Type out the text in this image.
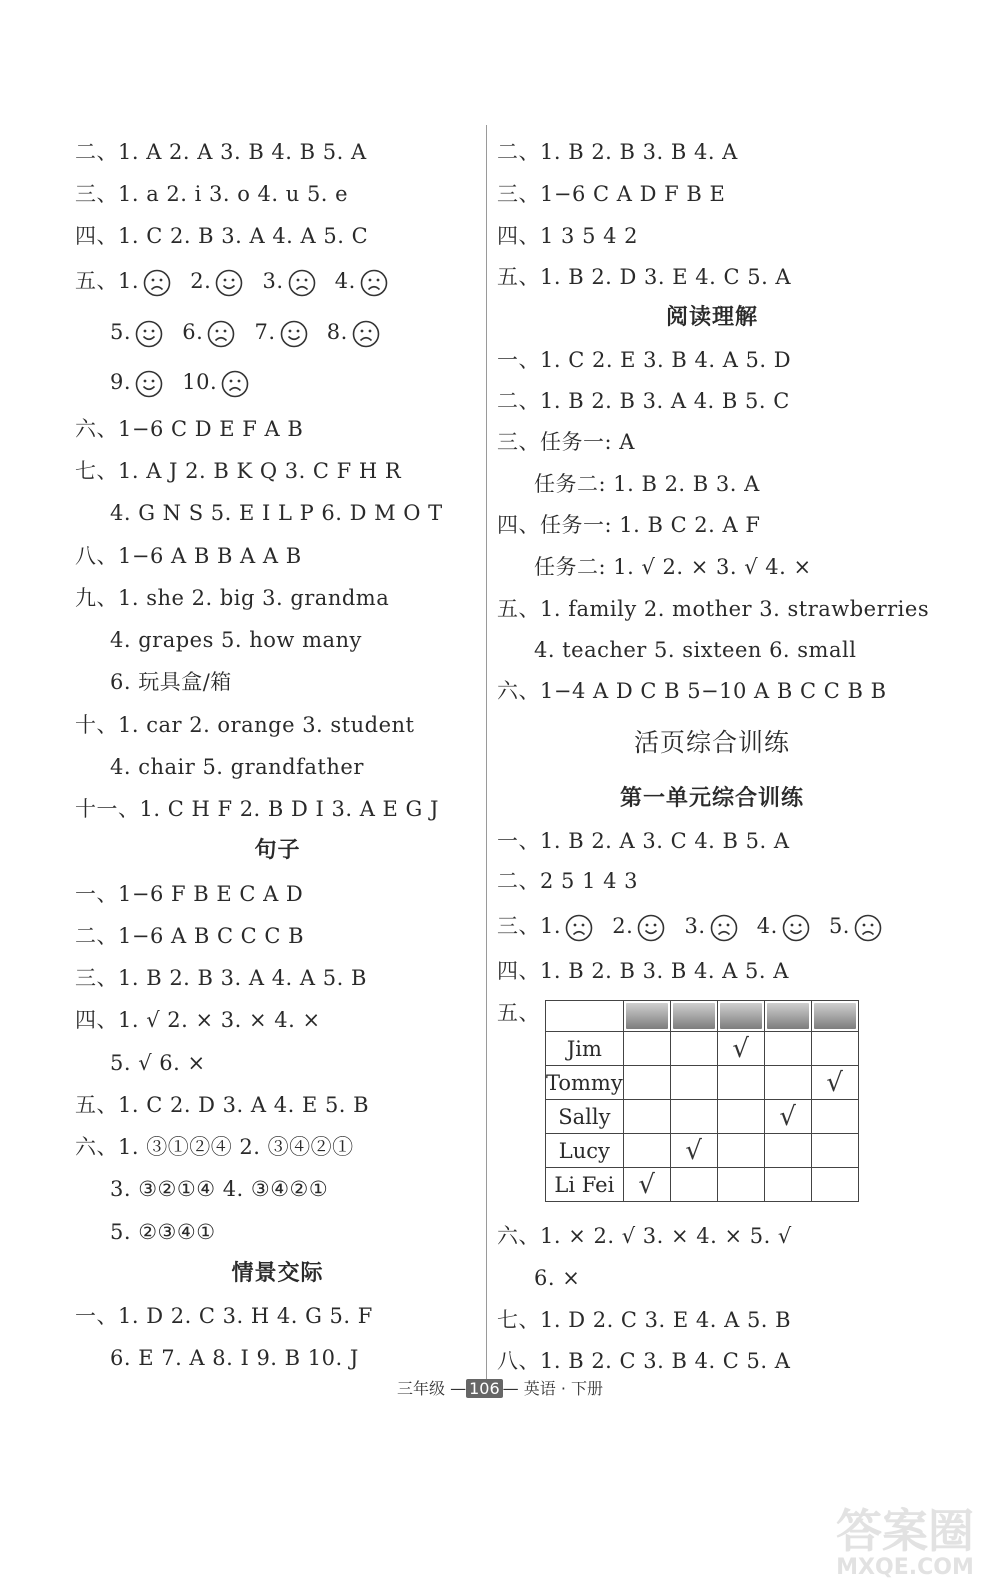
二、1. A 2. A 3. B 4. B 5. A
三、1. a 2. i 3. o 4. u 5. e
四、1. C 2. B 3. A 4. A 5. C
五、1. 2. 3. 4.
5. 6. 7. 8.
9. 10.
六、1−6 C D E F A B
七、1. A J 2. B K Q 3. C F H R
4. G N S 5. E I L P 6. D M O T
八、1−6 A B B A A B
九、1. she 2. big 3. grandma
4. grapes 5. how many
6. 玩具盒/箱
十、1. car 2. orange 3. student
4. chair 5. grandfather
十一、1. C H F 2. B D I 3. A E G J
句子
一、1−6 F B E C A D
二、1−6 A B C C C B
三、1. B 2. B 3. A 4. A 5. B
四、1. √ 2. × 3. × 4. ×
5. √ 6. ×
五、1. C 2. D 3. A 4. E 5. B
六、1. ③①②④ 2. ③④②①
3. ③②①④ 4. ③④②①
5. ②③④①
情景交际
一、1. D 2. C 3. H 4. G 5. F
6. E 7. A 8. I 9. B 10. J
二、1. B 2. B 3. B 4. A
三、1−6 C A D F B E
四、1 3 5 4 2
五、1. B 2. D 3. E 4. C 5. A
阅读理解
一、1. C 2. E 3. B 4. A 5. D
二、1. B 2. B 3. A 4. B 5. C
三、任务一: A
任务二: 1. B 2. B 3. A
四、任务一: 1. B C 2. A F
任务二: 1. √ 2. × 3. √ 4. ×
五、1. family 2. mother 3. strawberries
4. teacher 5. sixteen 6. small
六、1−4 A D C B 5−10 A B C C B B
活页综合训练
第一单元综合训练
一、1. B 2. A 3. C 4. B 5. A
二、2 5 1 4 3
三、1. 2. 3. 4. 5.
四、1. B 2. B 3. B 4. A 5. A
五、
六、1. × 2. √ 3. × 4. × 5. √
6. ×
七、1. D 2. C 3. E 4. A 5. B
八、1. B 2. C 3. B 4. C 5. A

Jim			√		
Tommy					√
Sally				√	
Lucy		√			
Li Fei	√				
三年级 — 106 — 英语 · 下册
答案圈
MXQE.COM
